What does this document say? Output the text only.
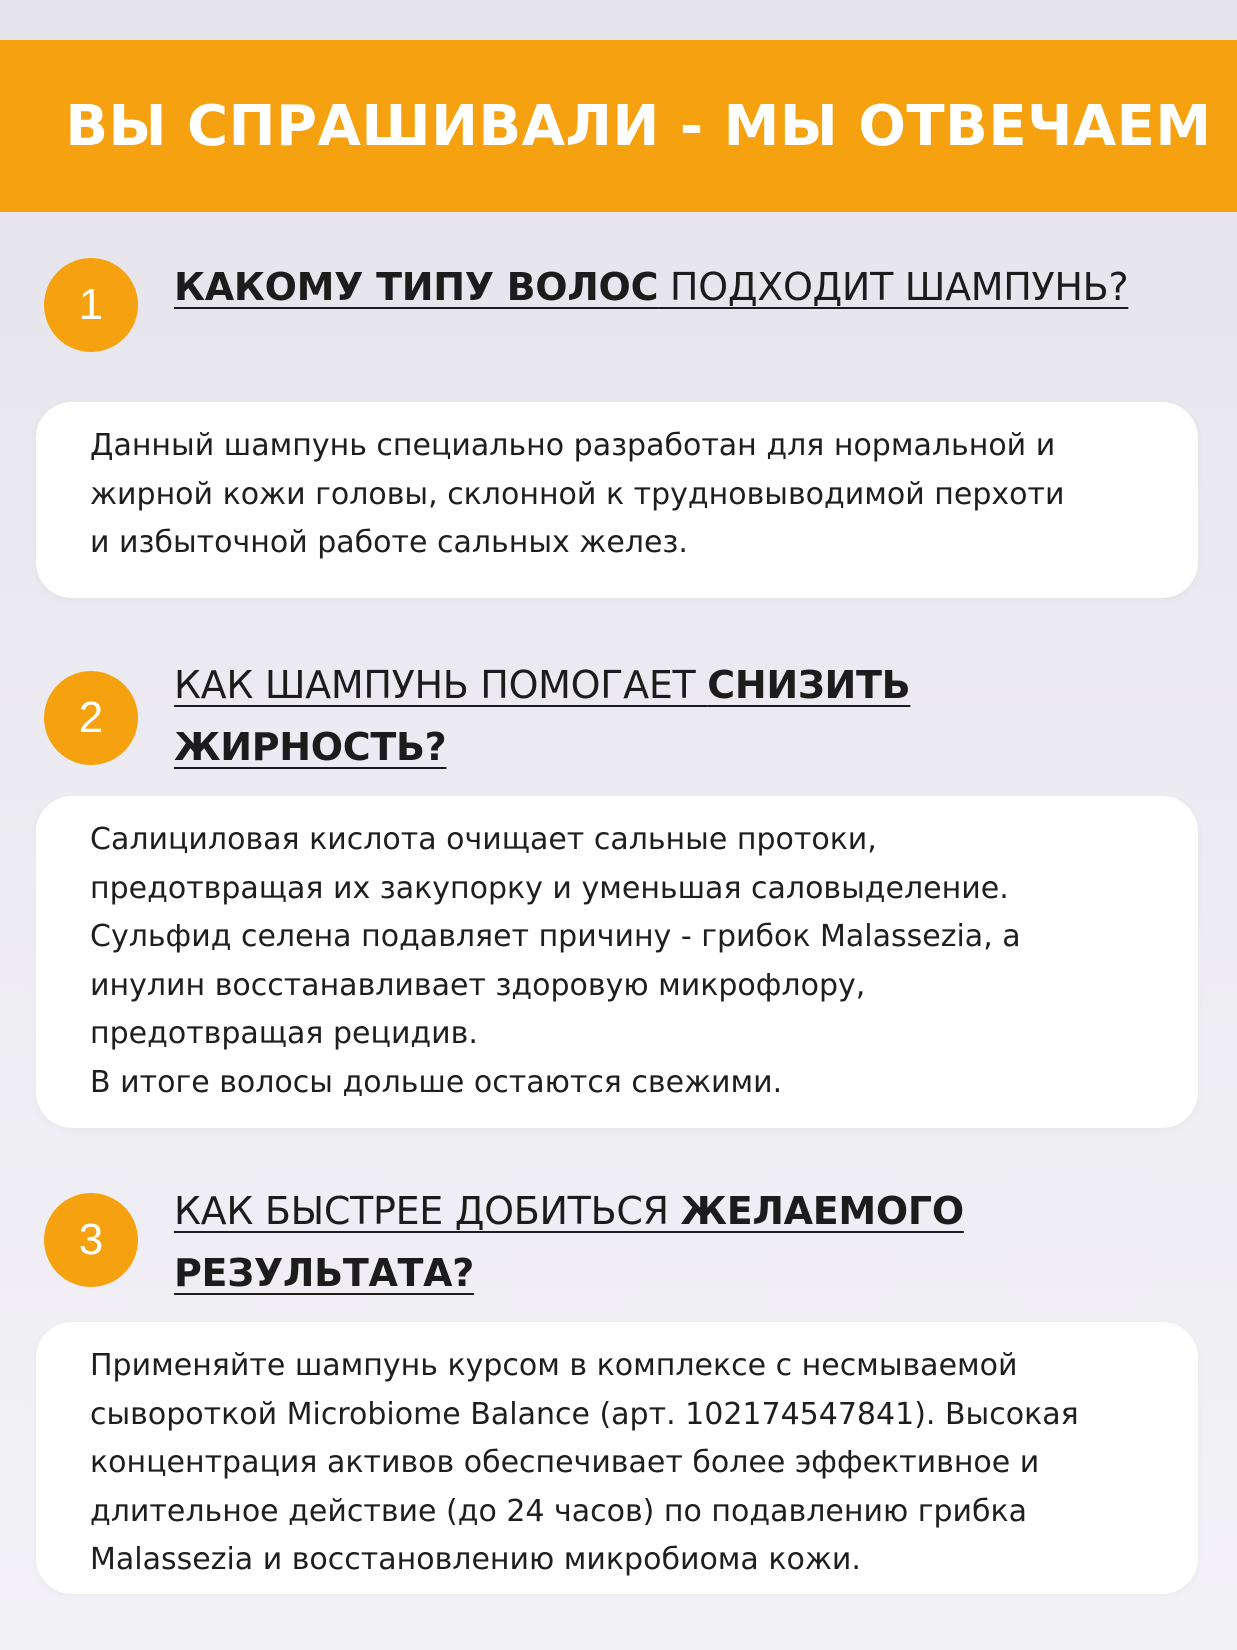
ВЫ СПРАШИВАЛИ - МЫ ОТВЕЧАЕМ
1	КАКОМУ ТИПУ ВОЛОС ПОДХОДИТ ШАМПУНЬ?
Данный шампунь специально разработан для нормальной и
жирной кожи головы, склонной к трудновыводимой перхоти
и избыточной работе сальных желез.
2
КАК ШАМПУНЬ ПОМОГАЕТ СНИЗИТЬ ЖИРНОСТЬ?
Салициловая кислота очищает сальные протоки,
предотвращая их закупорку и уменьшая саловыделение.
Сульфид селена подавляет причину - грибок Malassezia, а
инулин восстанавливает здоровую микрофлору,
предотвращая рецидив.
В итоге волосы дольше остаются свежими.
3
КАК БЫСТРЕЕ ДОБИТЬСЯ ЖЕЛАЕМОГО РЕЗУЛЬТАТА?
Применяйте шампунь курсом в комплексе с несмываемой
сывороткой Microbiome Balance (арт. 102174547841). Высокая
концентрация активов обеспечивает более эффективное и
длительное действие (до 24 часов) по подавлению грибка
Malassezia и восстановлению микробиома кожи.
